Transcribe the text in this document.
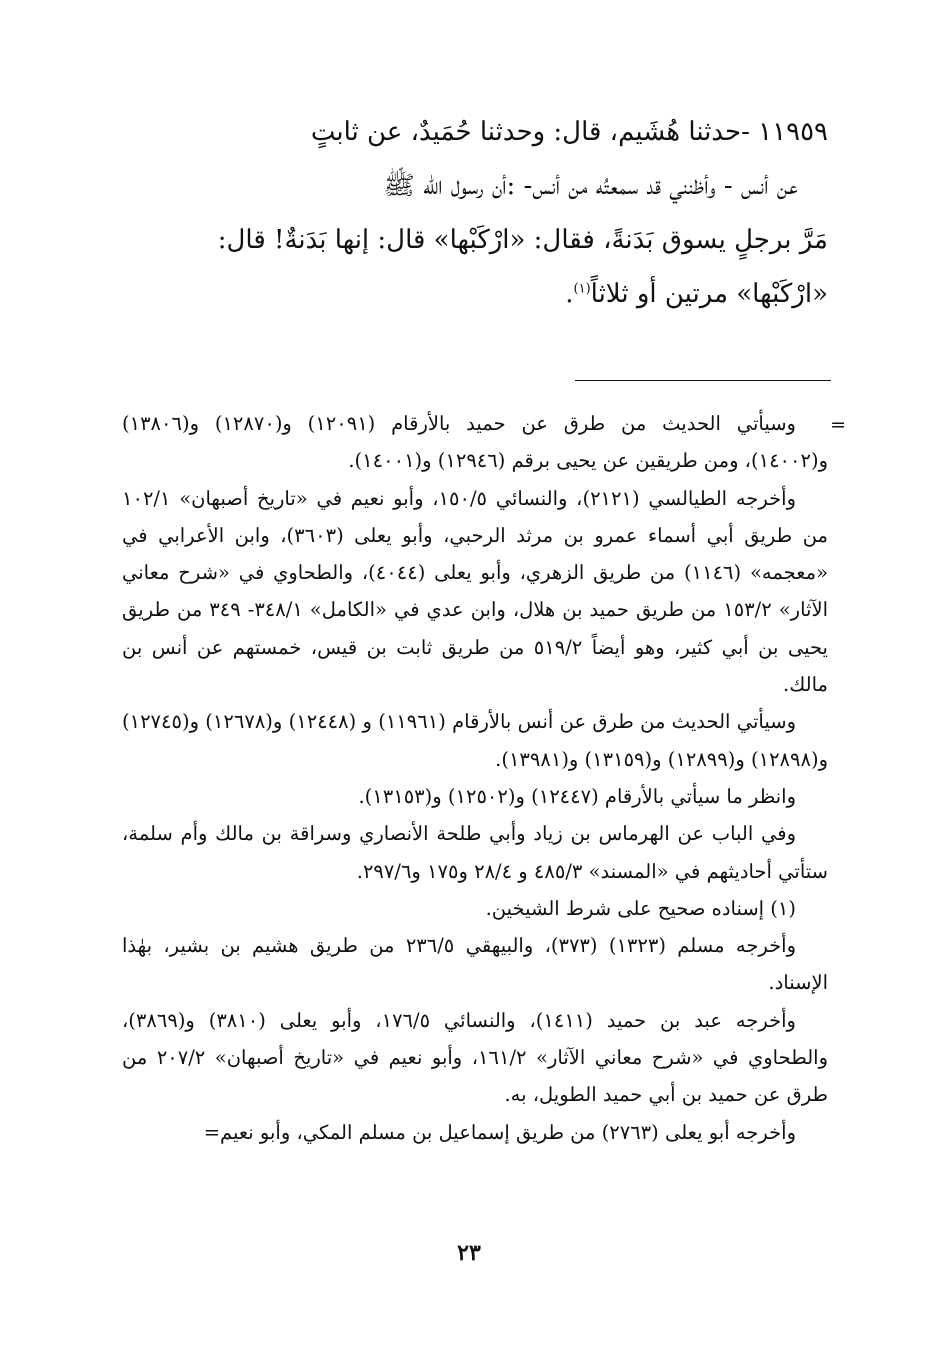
١١٩٥٩ -حدثنا هُشَيم، قال: وحدثنا حُمَيدٌ، عن ثابتٍ

عن أنس - وأظنني قد سمعتُه من أنس- :أن رسول الله ﷺ

مَرَّ برجلٍ يسوق بَدَنةً، فقال: «ارْكَبْها» قال: إنها بَدَنةٌ! قال:

«ارْكَبْها» مرتين أو ثلاثاً$^{(١)}$.

=

وسيأتي الحديث من طرق عن حميد بالأرقام (١٢٠٩١) و(١٢٨٧٠) و(١٣٨٠٦) و(١٤٠٠٢)، ومن طريقين عن يحيى برقم (١٢٩٤٦) و(١٤٠٠١).

وأخرجه الطيالسي (٢١٢١)، والنسائي ١٥٠/٥، وأبو نعيم في «تاريخ أصبهان» ١٠٢/١ من طريق أبي أسماء عمرو بن مرثد الرحبي، وأبو يعلى (٣٦٠٣)، وابن الأعرابي في «معجمه» (١١٤٦) من طريق الزهري، وأبو يعلى (٤٠٤٤)، والطحاوي في «شرح معاني الآثار» ١٥٣/٢ من طريق حميد بن هلال، وابن عدي في «الكامل» ٣٤٨/١- ٣٤٩ من طريق يحيى بن أبي كثير، وهو أيضاً ٥١٩/٢ من طريق ثابت بن قيس، خمستهم عن أنس بن مالك.

وسيأتي الحديث من طرق عن أنس بالأرقام (١١٩٦١) و (١٢٤٤٨) و(١٢٦٧٨) و(١٢٧٤٥) و(١٢٨٩٨) و(١٢٨٩٩) و(١٣١٥٩) و(١٣٩٨١).

وانظر ما سيأتي بالأرقام (١٢٤٤٧) و(١٢٥٠٢) و(١٣١٥٣).

وفي الباب عن الهرماس بن زياد وأبي طلحة الأنصاري وسراقة بن مالك وأم سلمة، ستأتي أحاديثهم في «المسند» ٤٨٥/٣ و ٢٨/٤ و١٧٥ و٢٩٧/٦.

(١) إسناده صحيح على شرط الشيخين.

وأخرجه مسلم (١٣٢٣) (٣٧٣)، والبيهقي ٢٣٦/٥ من طريق هشيم بن بشير، بهٰذا الإسناد.

وأخرجه عبد بن حميد (١٤١١)، والنسائي ١٧٦/٥، وأبو يعلى (٣٨١٠) و(٣٨٦٩)، والطحاوي في «شرح معاني الآثار» ١٦١/٢، وأبو نعيم في «تاريخ أصبهان» ٢٠٧/٢ من طرق عن حميد بن أبي حميد الطويل، به.

وأخرجه أبو يعلى (٢٧٦٣) من طريق إسماعيل بن مسلم المكي، وأبو نعيم=

٢٣
